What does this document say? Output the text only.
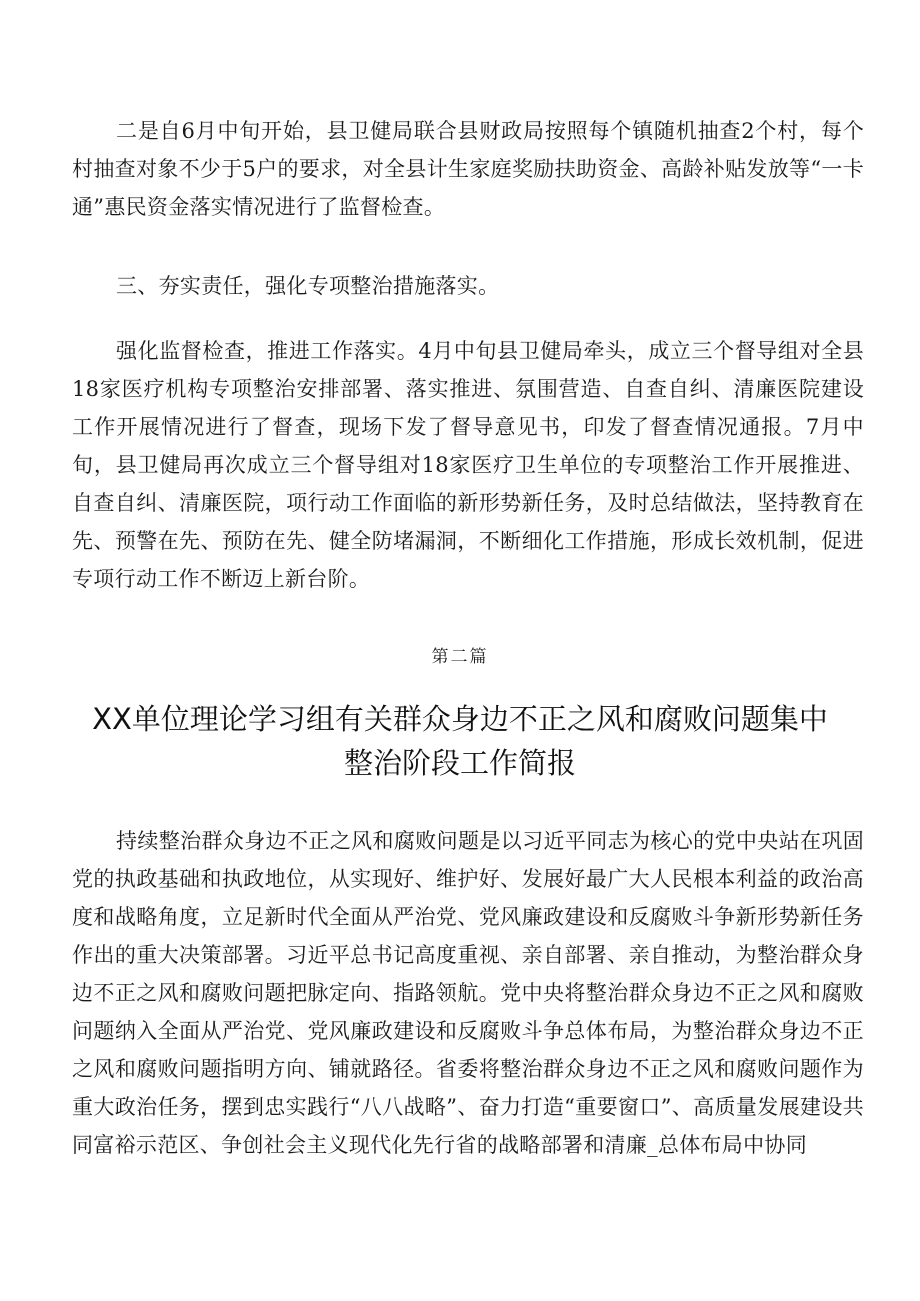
二是自6月中旬开始，县卫健局联合县财政局按照每个镇随机抽查2个村，每个村抽查对象不少于5户的要求，对全县计生家庭奖励扶助资金、高龄补贴发放等“一卡通”惠民资金落实情况进行了监督检查。

三、夯实责任，强化专项整治措施落实。

强化监督检查，推进工作落实。4月中旬县卫健局牵头，成立三个督导组对全县18家医疗机构专项整治安排部署、落实推进、氛围营造、自查自纠、清廉医院建设工作开展情况进行了督查，现场下发了督导意见书，印发了督查情况通报。7月中旬，县卫健局再次成立三个督导组对18家医疗卫生单位的专项整治工作开展推进、自查自纠、清廉医院，项行动工作面临的新形势新任务，及时总结做法，坚持教育在先、预警在先、预防在先、健全防堵漏洞，不断细化工作措施，形成长效机制，促进专项行动工作不断迈上新台阶。

第二篇
XX单位理论学习组有关群众身边不正之风和腐败问题集中整治阶段工作简报

持续整治群众身边不正之风和腐败问题是以习近平同志为核心的党中央站在巩固党的执政基础和执政地位，从实现好、维护好、发展好最广大人民根本利益的政治高度和战略角度，立足新时代全面从严治党、党风廉政建设和反腐败斗争新形势新任务作出的重大决策部署。习近平总书记高度重视、亲自部署、亲自推动，为整治群众身边不正之风和腐败问题把脉定向、指路领航。党中央将整治群众身边不正之风和腐败问题纳入全面从严治党、党风廉政建设和反腐败斗争总体布局，为整治群众身边不正之风和腐败问题指明方向、铺就路径。省委将整治群众身边不正之风和腐败问题作为重大政治任务，摆到忠实践行“八八战略”、奋力打造“重要窗口”、高质量发展建设共同富裕示范区、争创社会主义现代化先行省的战略部署和清廉_总体布局中协同
